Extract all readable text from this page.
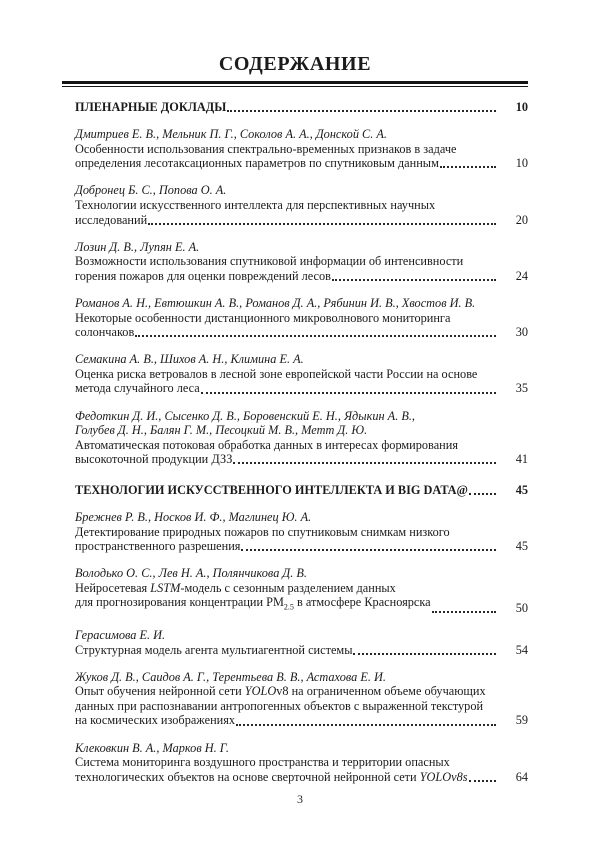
СОДЕРЖАНИЕ
ПЛЕНАРНЫЕ ДОКЛАДЫ	10
Дмитриев Е. В., Мельник П. Г., Соколов А. А., Донской С. А.
Особенности использования спектрально-временных признаков в задаче
определения лесотаксационных параметров по спутниковым данным	10
Добронец Б. С., Попова О. А.
Технологии искусственного интеллекта для перспективных научных
исследований	20
Лозин Д. В., Лупян Е. А.
Возможности использования спутниковой информации об интенсивности
горения пожаров для оценки повреждений лесов	24
Романов А. Н., Евтюшкин А. В., Романов Д. А., Рябинин И. В., Хвостов И. В.
Некоторые особенности дистанционного микроволнового мониторинга
солончаков	30
Семакина А. В., Шихов А. Н., Климина Е. А.
Оценка риска ветровалов в лесной зоне европейской части России на основе
метода случайного леса	35
Федоткин Д. И., Сысенко Д. В., Боровенский Е. Н., Ядыкин А. В.,
Голубев Д. Н., Балян Г. М., Песоцкий М. В., Метт Д. Ю.
Автоматическая потоковая обработка данных в интересах формирования
высокоточной продукции ДЗЗ	41
ТЕХНОЛОГИИ ИСКУССТВЕННОГО ИНТЕЛЛЕКТА И BIG DATA@	45
Брежнев Р. В., Носков И. Ф., Маглинец Ю. А.
Детектирование природных пожаров по спутниковым снимкам низкого
пространственного разрешения	45
Володько О. С., Лев Н. А., Полянчикова Д. В.
Нейросетевая LSTM-модель с сезонным разделением данных
для прогнозирования концентрации $PM_{2.5}$ в атмосфере Красноярска	50
Герасимова Е. И.
Структурная модель агента мультиагентной системы	54
Жуков Д. В., Саидов А. Г., Терентьева В. В., Астахова Е. И.
Опыт обучения нейронной сети YOLOv8 на ограниченном объеме обучающих
данных при распознавании антропогенных объектов с выраженной текстурой
на космических изображениях	59
Клековкин В. А., Марков Н. Г.
Система мониторинга воздушного пространства и территории опасных
технологических объектов на основе сверточной нейронной сети YOLOv8s	64
3
